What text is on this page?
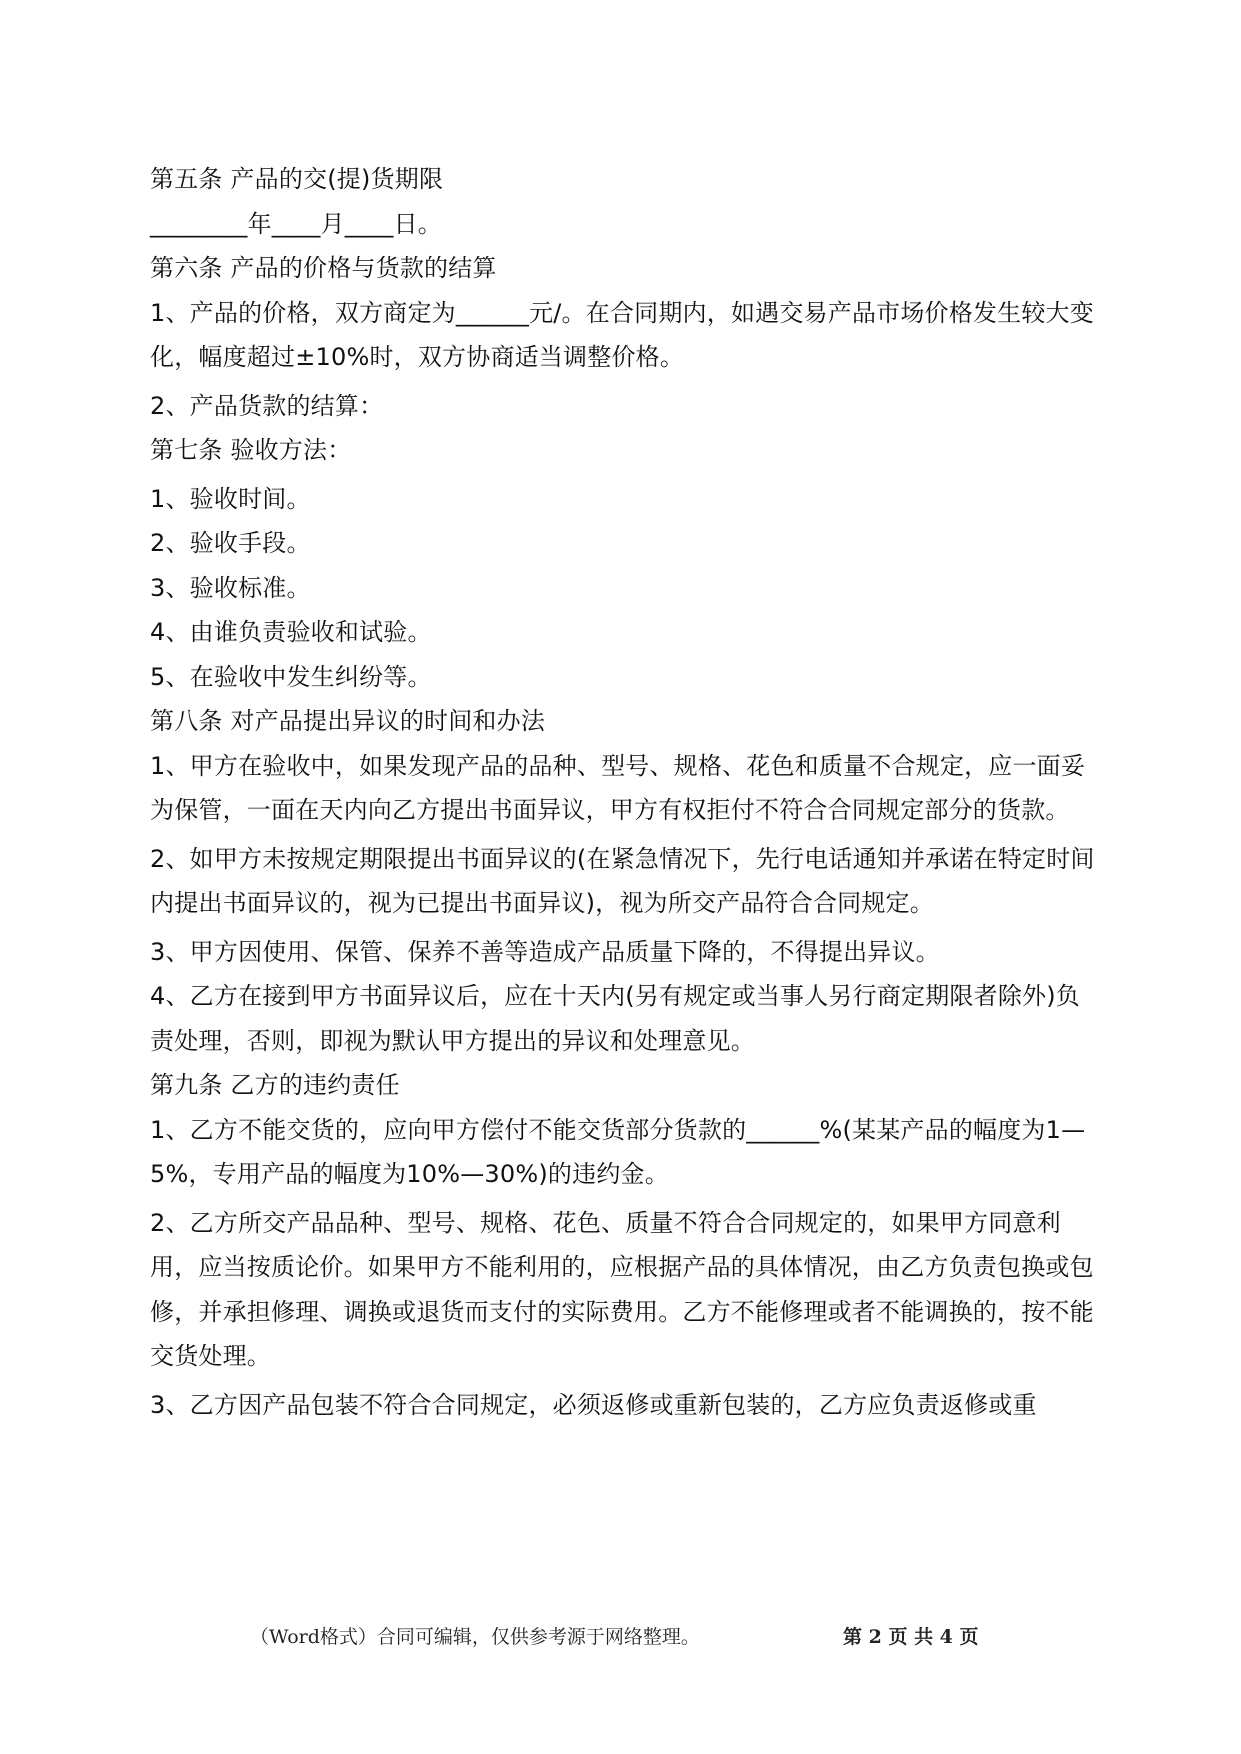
第五条 产品的交(提)货期限

________年____月____日。

第六条 产品的价格与货款的结算

1、产品的价格，双方商定为______元/。在合同期内，如遇交易产品市场价格发生较大变化，幅度超过±10%时，双方协商适当调整价格。

2、产品货款的结算：

第七条 验收方法：

1、验收时间。

2、验收手段。

3、验收标准。

4、由谁负责验收和试验。

5、在验收中发生纠纷等。

第八条 对产品提出异议的时间和办法

1、甲方在验收中，如果发现产品的品种、型号、规格、花色和质量不合规定，应一面妥为保管，一面在天内向乙方提出书面异议，甲方有权拒付不符合合同规定部分的货款。

2、如甲方未按规定期限提出书面异议的(在紧急情况下，先行电话通知并承诺在特定时间内提出书面异议的，视为已提出书面异议)，视为所交产品符合合同规定。

3、甲方因使用、保管、保养不善等造成产品质量下降的，不得提出异议。

4、乙方在接到甲方书面异议后，应在十天内(另有规定或当事人另行商定期限者除外)负责处理，否则，即视为默认甲方提出的异议和处理意见。

第九条 乙方的违约责任

1、乙方不能交货的，应向甲方偿付不能交货部分货款的______%(某某产品的幅度为1—5%，专用产品的幅度为10%—30%)的违约金。

2、乙方所交产品品种、型号、规格、花色、质量不符合合同规定的，如果甲方同意利用，应当按质论价。如果甲方不能利用的，应根据产品的具体情况，由乙方负责包换或包修，并承担修理、调换或退货而支付的实际费用。乙方不能修理或者不能调换的，按不能交货处理。

3、乙方因产品包装不符合合同规定，必须返修或重新包装的，乙方应负责返修或重

（Word格式）合同可编辑，仅供参考源于网络整理。	第 2 页 共 4 页
